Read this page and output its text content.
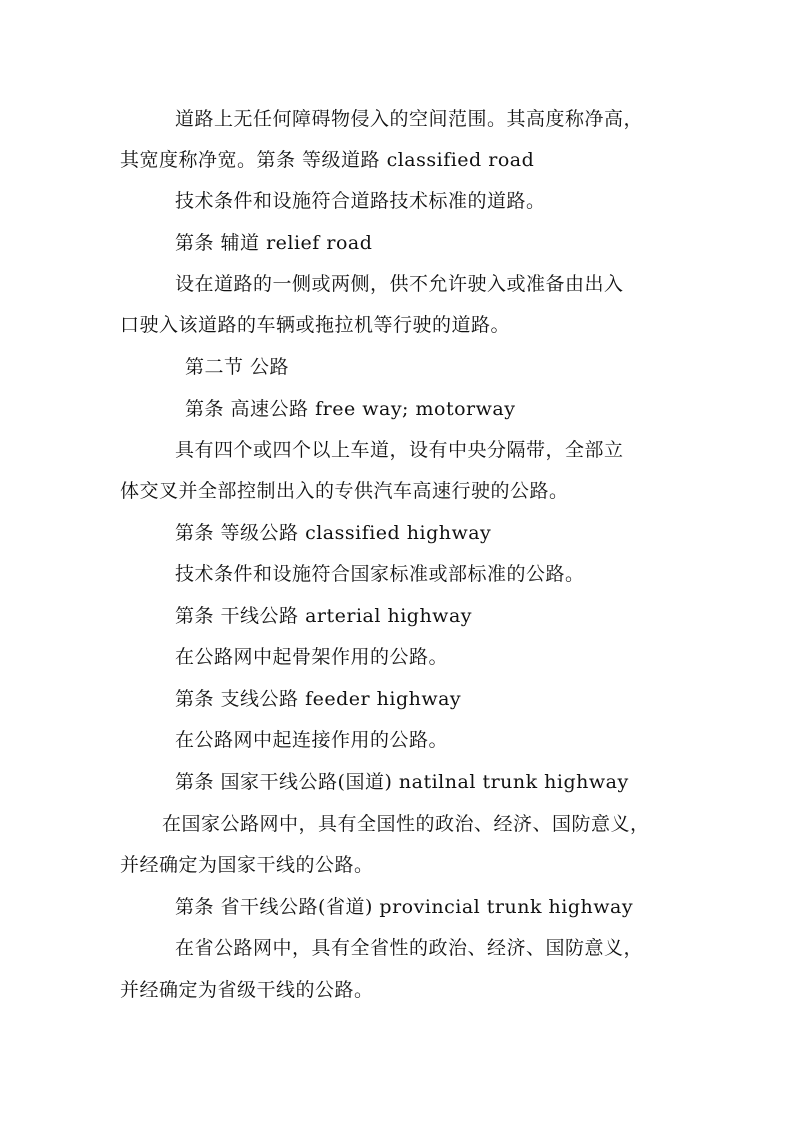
道路上无任何障碍物侵入的空间范围。其高度称净高，
其宽度称净宽。第条 等级道路 classified road
技术条件和设施符合道路技术标准的道路。
第条 辅道 relief road
设在道路的一侧或两侧，供不允许驶入或准备由出入
口驶入该道路的车辆或拖拉机等行驶的道路。
第二节 公路
第条 高速公路 free way; motorway
具有四个或四个以上车道，设有中央分隔带，全部立
体交叉并全部控制出入的专供汽车高速行驶的公路。
第条 等级公路 classified highway
技术条件和设施符合国家标准或部标准的公路。
第条 干线公路 arterial highway
在公路网中起骨架作用的公路。
第条 支线公路 feeder highway
在公路网中起连接作用的公路。
第条 国家干线公路(国道) natilnal trunk highway
在国家公路网中，具有全国性的政治、经济、国防意义，
并经确定为国家干线的公路。
第条 省干线公路(省道) provincial trunk highway
在省公路网中，具有全省性的政治、经济、国防意义，
并经确定为省级干线的公路。
